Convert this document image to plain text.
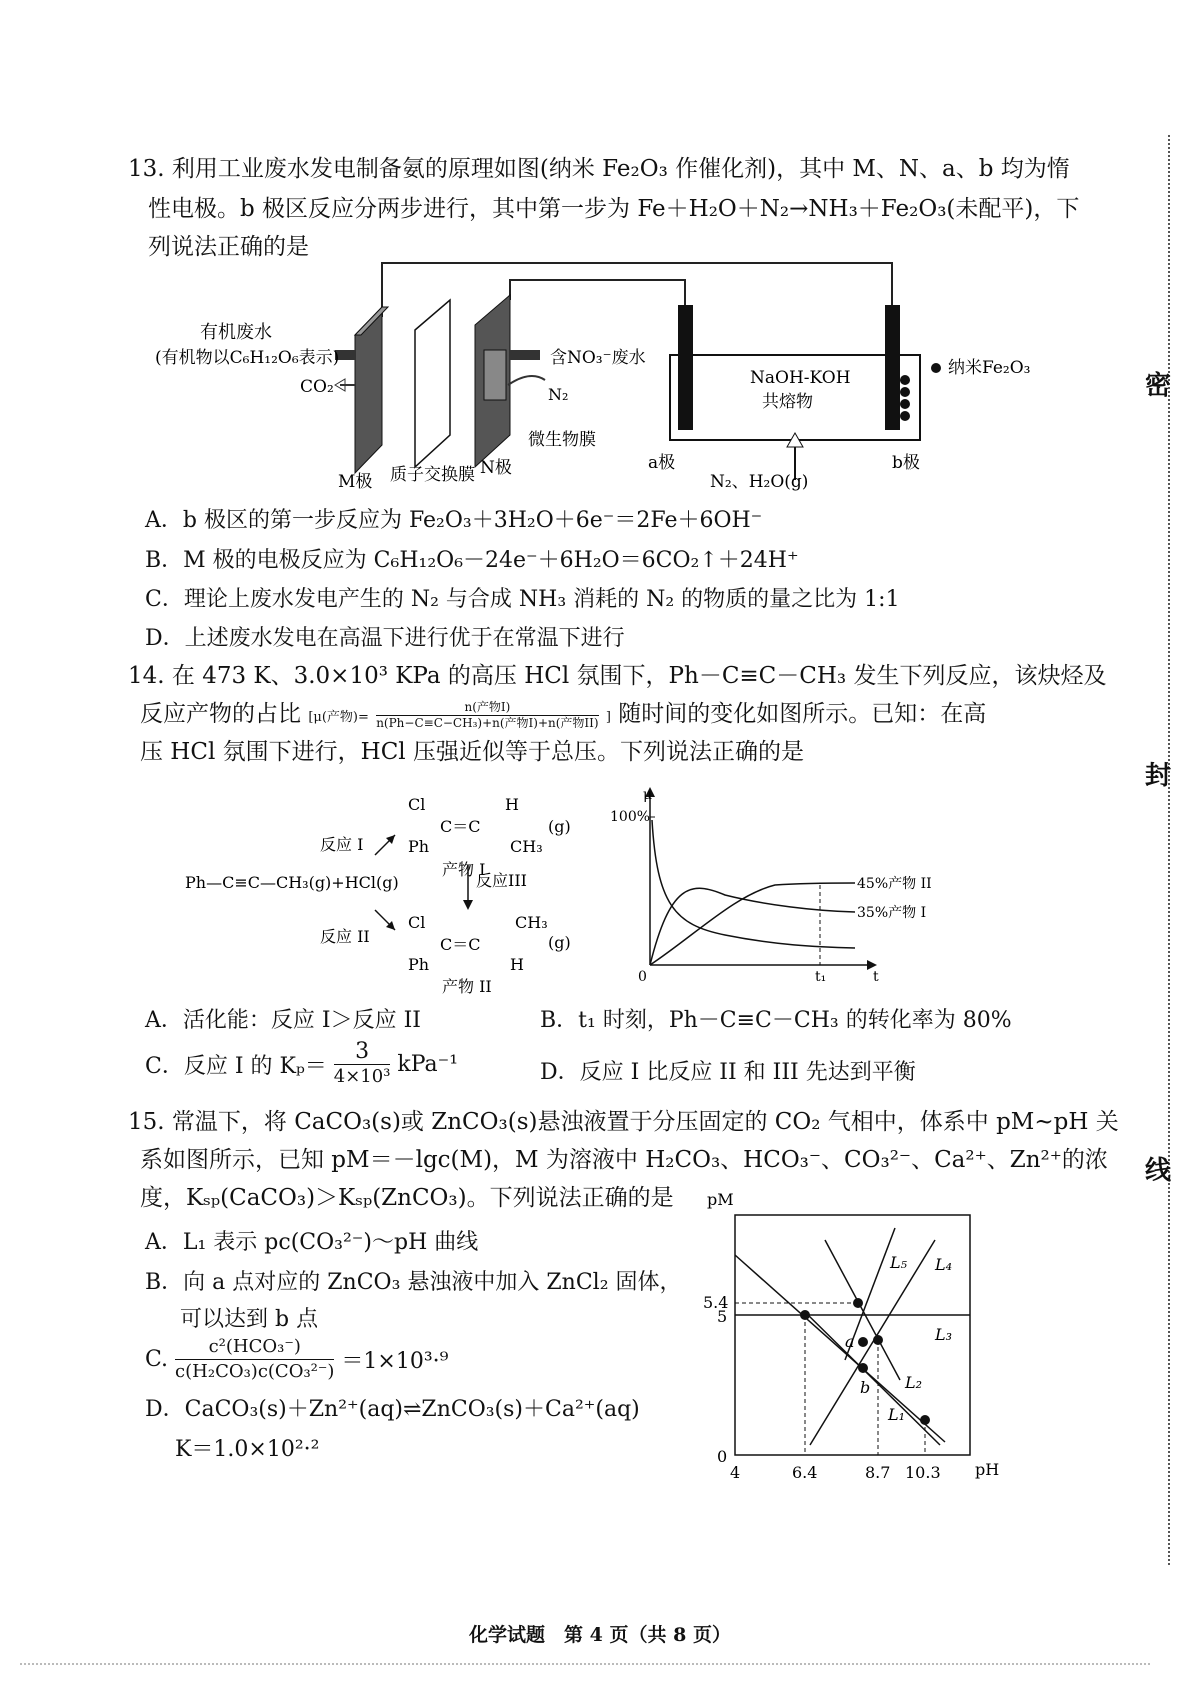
密
封
线
13. 利用工业废水发电制备氨的原理如图(纳米 Fe₂O₃ 作催化剂)，其中 M、N、a、b 均为惰
性电极。b 极区反应分两步进行，其中第一步为 Fe＋H₂O＋N₂→NH₃＋Fe₂O₃(未配平)，下
列说法正确的是
有机废水
(有机物以C₆H₁₂O₆表示)
CO₂
含NO₃⁻废水
N₂
微生物膜
M极 质子交换膜 N极
NaOH-KOH
共熔物
a极	b极
N₂、H₂O(g)
纳米Fe₂O₃
A．b 极区的第一步反应为 Fe₂O₃＋3H₂O＋6e⁻＝2Fe＋6OH⁻
B．M 极的电极反应为 C₆H₁₂O₆－24e⁻＋6H₂O＝6CO₂↑＋24H⁺
C．理论上废水发电产生的 N₂ 与合成 NH₃ 消耗的 N₂ 的物质的量之比为 1:1
D．上述废水发电在高温下进行优于在常温下进行
14. 在 473 K、3.0×10³ KPa 的高压 HCl 氛围下，Ph－C≡C－CH₃ 发生下列反应，该炔烃及
反应产物的占比 [μ(产物)=
n(产物I)
n(Ph−C≡C−CH₃)+n(产物I)+n(产物II) ] 随时间的变化如图所示。已知：在高
压 HCl 氛围下进行，HCl 压强近似等于总压。下列说法正确的是
Cl	H
C＝C	(g)
Ph	CH₃
产物 I
反应 I
Ph—C≡C—CH₃(g)+HCl(g)	反应III
Cl	CH₃
C＝C	(g)
Ph	H
产物 II
反应 II
μ
100%
0	t
t₁
45%产物 II
35%产物 I
A．活化能：反应 I＞反应 II	B．t₁ 时刻，Ph－C≡C－CH₃ 的转化率为 80%
C．反应 I 的 Kₚ＝
3
4×10³ kPa⁻¹	D．反应 I 比反应 II 和 III 先达到平衡
15. 常温下，将 CaCO₃(s)或 ZnCO₃(s)悬浊液置于分压固定的 CO₂ 气相中，体系中 pM~pH 关
系如图所示，已知 pM＝－lgc(M)，M 为溶液中 H₂CO₃、HCO₃⁻、CO₃²⁻、Ca²⁺、Zn²⁺的浓
度，Kₛₚ(CaCO₃)＞Kₛₚ(ZnCO₃)。下列说法正确的是
A．L₁ 表示 pc(CO₃²⁻)～pH 曲线
B．向 a 点对应的 ZnCO₃ 悬浊液中加入 ZnCl₂ 固体，
可以达到 b 点
C.
c²(HCO₃⁻)
c(H₂CO₃)c(CO₃²⁻) ＝1×10³·⁹
D．CaCO₃(s)＋Zn²⁺(aq)⇌ZnCO₃(s)＋Ca²⁺(aq)
K＝1.0×10²·²
pM
pH
5.4
5
0
4	6.4	8.7 10.3
L₁
L₂
L₃
L₄
L₅
a
b
化学试题　第 4 页（共 8 页）
